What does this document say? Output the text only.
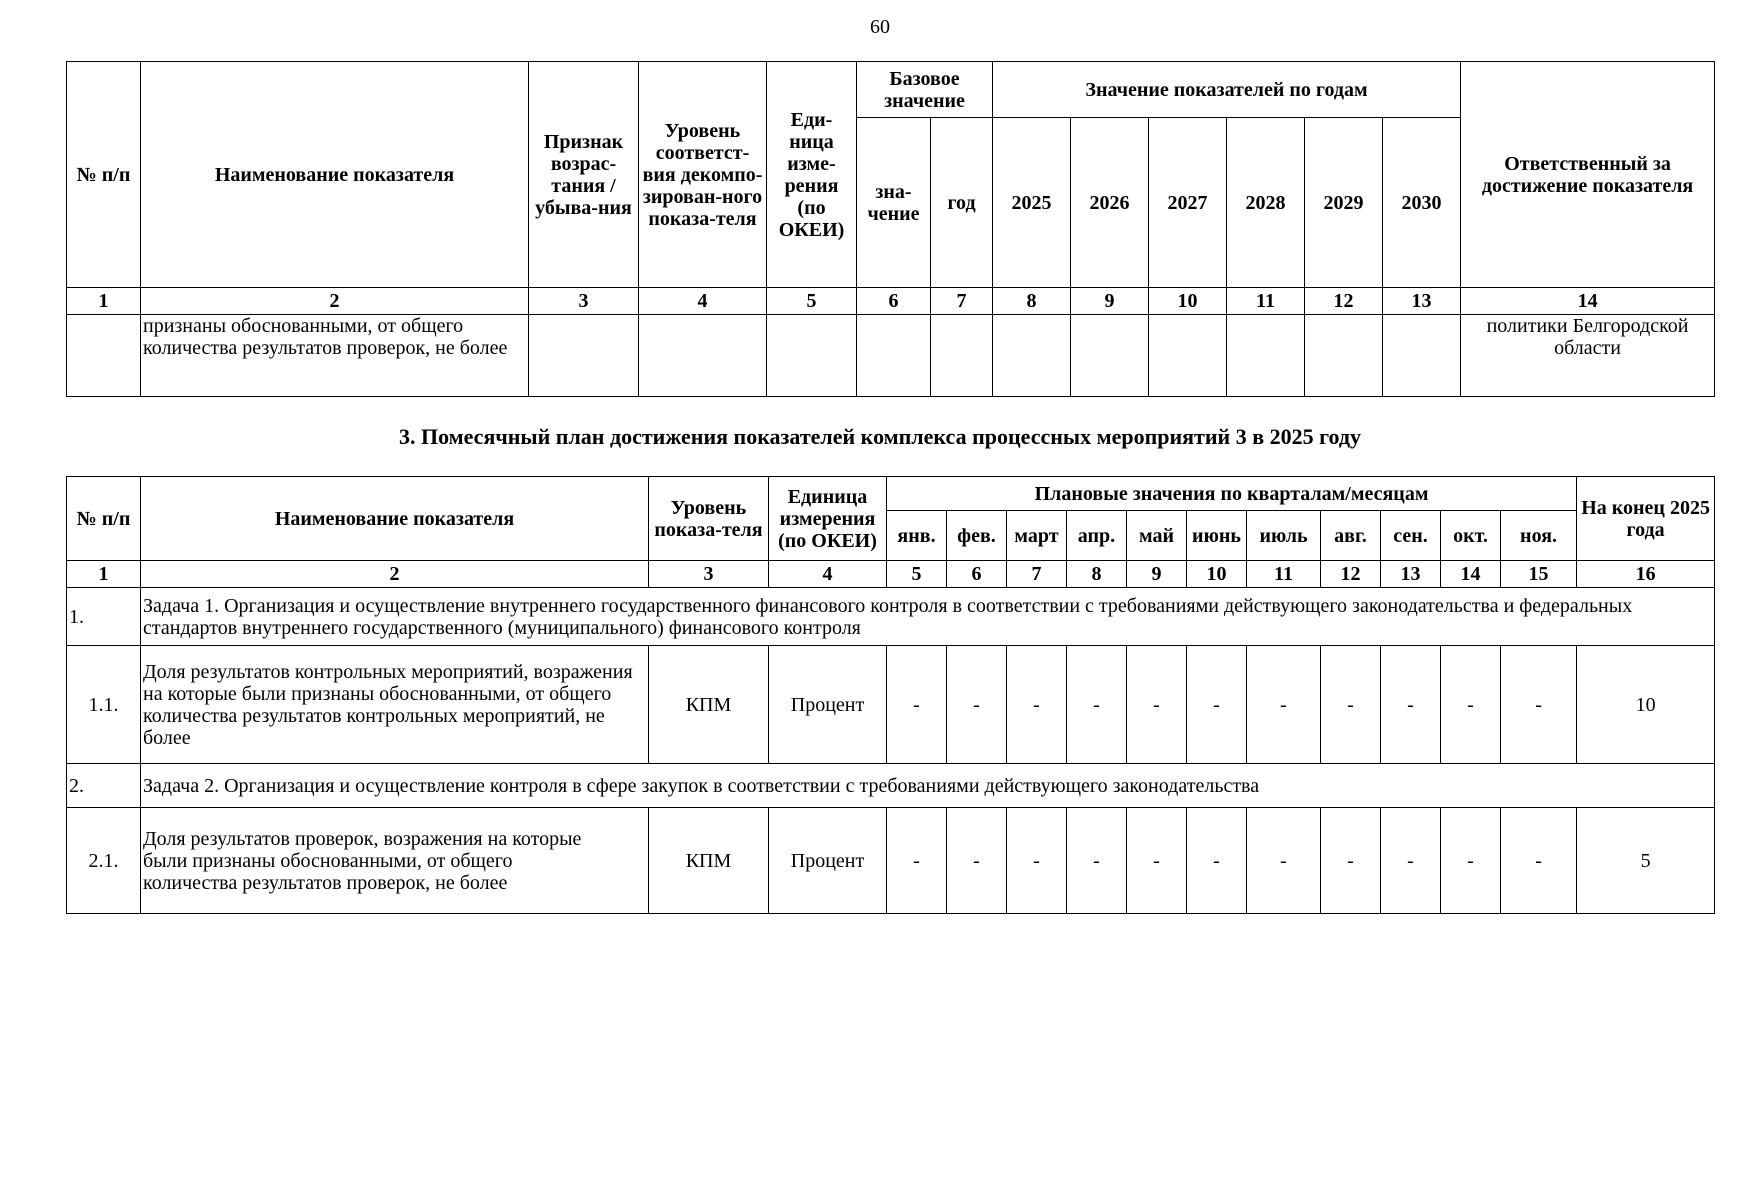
60
№ п/п	Наименование показателя	Признак возрас-тания / убыва-ния	Уровень соответст-вия декомпо-зирован-ного показа-теля	Еди-ница изме-рения (по ОКЕИ)	Базовое значение		Значение показателей по годам						Ответственный за достижение показателя
					зна-чение	год	2025	2026	2027	2028	2029	2030	
1	2	3	4	5	6	7	8	9	10	11	12	13	14
	признаны обоснованными, от общего количества результатов проверок, не более												политики Белгородской области
3. Помесячный план достижения показателей комплекса процессных мероприятий 3 в 2025 году
№ п/п	Наименование показателя	Уровень показа-теля	Единица измерения (по ОКЕИ)	Плановые значения по кварталам/месяцам											На конец 2025 года
				янв.	фев.	март	апр.	май	июнь	июль	авг.	сен.	окт.	ноя.	
1	2	3	4	5	6	7	8	9	10	11	12	13	14	15	16
1.	Задача 1. Организация и осуществление внутреннего государственного финансового контроля в соответствии с требованиями действующего законодательства и федеральных стандартов внутреннего государственного (муниципального) финансового контроля														
1.1.	Доля результатов контрольных мероприятий, возражения на которые были признаны обоснованными, от общего количества результатов контрольных мероприятий, не более	КПМ	Процент	-	-	-	-	-	-	-	-	-	-	-	10
2.	Задача 2. Организация и осуществление контроля в сфере закупок в соответствии с требованиями действующего законодательства														
2.1.	Доля результатов проверок, возражения на которые были признаны обоснованными, от общего количества результатов проверок, не более	КПМ	Процент	-	-	-	-	-	-	-	-	-	-	-	5
